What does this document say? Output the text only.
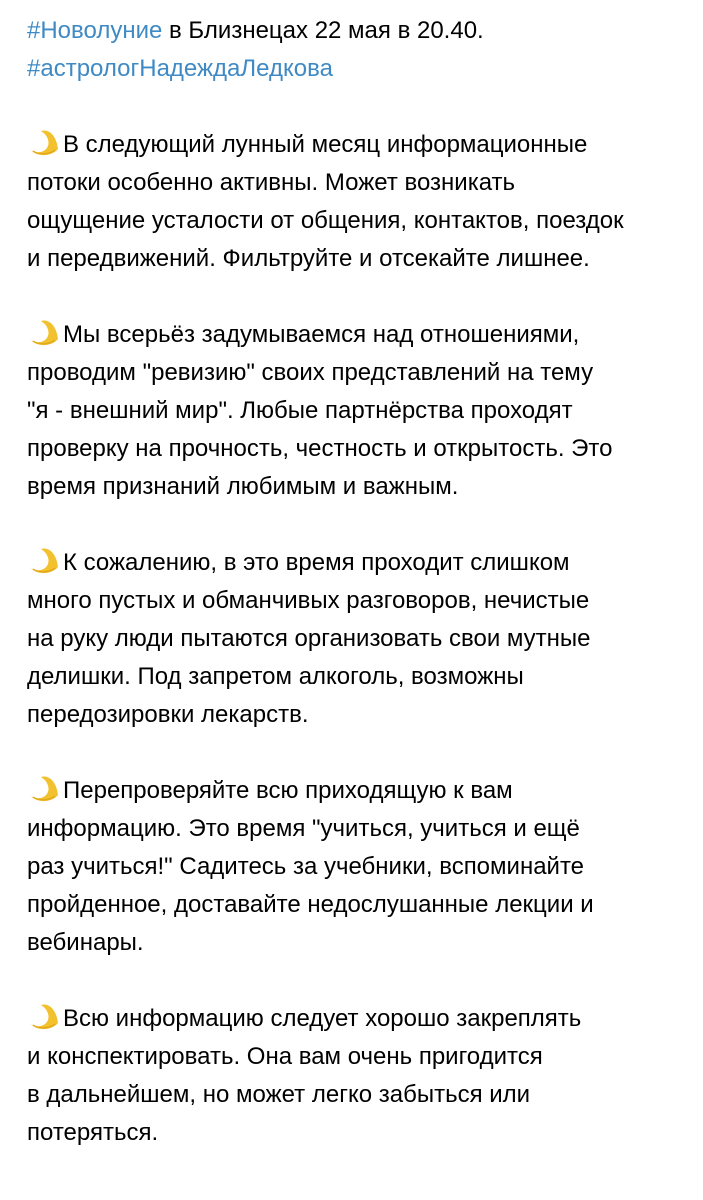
#Новолуние в Близнецах 22 мая в 20.40.
#астрологНадеждаЛедкова
В следующий лунный месяц информационные
потоки особенно активны. Может возникать
ощущение усталости от общения, контактов, поездок
и передвижений. Фильтруйте и отсекайте лишнее.
Мы всерьёз задумываемся над отношениями,
проводим "ревизию" своих представлений на тему
"я - внешний мир". Любые партнёрства проходят
проверку на прочность, честность и открытость. Это
время признаний любимым и важным.
К сожалению, в это время проходит слишком
много пустых и обманчивых разговоров, нечистые
на руку люди пытаются организовать свои мутные
делишки. Под запретом алкоголь, возможны
передозировки лекарств.
Перепроверяйте всю приходящую к вам
информацию. Это время "учиться, учиться и ещё
раз учиться!" Садитесь за учебники, вспоминайте
пройденное, доставайте недослушанные лекции и
вебинары.
Всю информацию следует хорошо закреплять
и конспектировать. Она вам очень пригодится
в дальнейшем, но может легко забыться или
потеряться.
